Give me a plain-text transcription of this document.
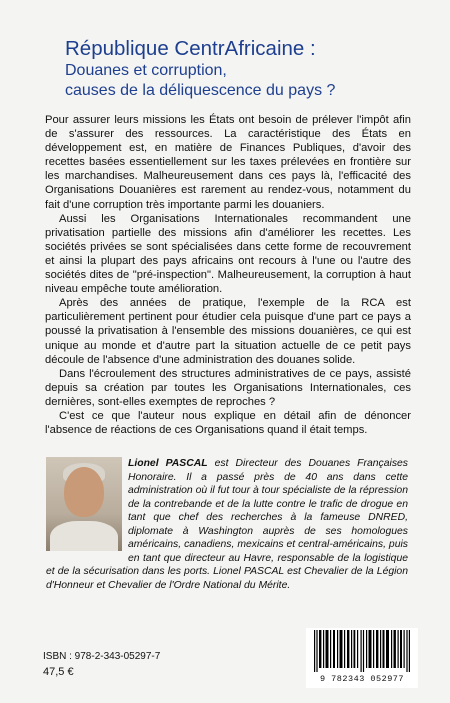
République CentrAfricaine :
Douanes et corruption,
causes de la déliquescence du pays ?

Pour assurer leurs missions les États ont besoin de prélever l'impôt afin de s'assurer des ressources. La caractéristique des États en développement est, en matière de Finances Publiques, d'avoir des recettes basées essentiellement sur les taxes prélevées en frontière sur les marchandises. Malheureusement dans ces pays là, l'efficacité des Organisations Douanières est rarement au rendez-vous, notamment du fait d'une corruption très importante parmi les douaniers.

Aussi les Organisations Internationales recommandent une privatisation partielle des missions afin d'améliorer les recettes. Les sociétés privées se sont spécialisées dans cette forme de recouvrement et ainsi la plupart des pays africains ont recours à l'une ou l'autre des sociétés dites de "pré-inspection". Malheureusement, la corruption à haut niveau empêche toute amélioration.

Après des années de pratique, l'exemple de la RCA est particulièrement pertinent pour étudier cela puisque d'une part ce pays a poussé la privatisation à l'ensemble des missions douanières, ce qui est unique au monde et d'autre part la situation actuelle de ce petit pays découle de l'absence d'une administration des douanes solide.

Dans l'écroulement des structures administratives de ce pays, assisté depuis sa création par toutes les Organisations Internationales, ces dernières, sont-elles exemptes de reproches ?

C'est ce que l'auteur nous explique en détail afin de dénoncer l'absence de réactions de ces Organisations quand il était temps.

Lionel PASCAL est Directeur des Douanes Françaises Honoraire. Il a passé près de 40 ans dans cette administration où il fut tour à tour spécialiste de la répression de la contrebande et de la lutte contre le trafic de drogue en tant que chef des recherches à la fameuse DNRED, diplomate à Washington auprès de ses homologues américains, canadiens, mexicains et central-américains, puis en tant que directeur au Havre, responsable de la logistique et de la sécurisation dans les ports. Lionel PASCAL est Chevalier de la Légion d'Honneur et Chevalier de l'Ordre National du Mérite.
ISBN : 978-2-343-05297-7
47,5 €
9 782343 052977
